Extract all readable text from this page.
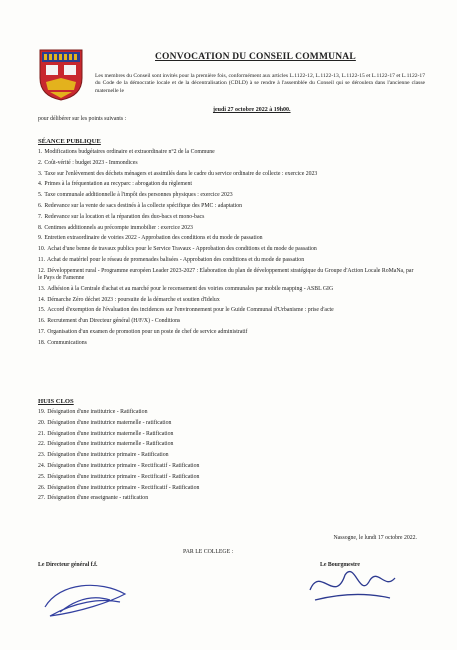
CONVOCATION DU CONSEIL COMMUNAL
Les membres du Conseil sont invités pour la première fois, conformément aux articles L.1122-12, L.1122-13, L.1122-15 et L.1122-17 et L.1122-17 du Code de la démocratie locale et de la décentralisation (CDLD) à se rendre à l'assemblée du Conseil qui se déroulera dans l'ancienne classe maternelle le
jeudi 27 octobre 2022 à 19h00.
pour délibérer sur les points suivants :
SÉANCE PUBLIQUE
1. Modifications budgétaires ordinaire et extraordinaire n°2 de la Commune
2. Coût-vérité : budget 2023 - Immondices
3. Taxe sur l'enlèvement des déchets ménagers et assimilés dans le cadre du service ordinaire de collecte : exercice 2023
4. Primes à la fréquentation au recyparc : abrogation du règlement
5. Taxe communale additionnelle à l'impôt des personnes physiques : exercice 2023
6. Redevance sur la vente de sacs destinés à la collecte spécifique des PMC : adaptation
7. Redevance sur la location et la réparation des duo-bacs et mono-bacs
8. Centimes additionnels au précompte immobilier : exercice 2023
9. Entretien extraordinaire de voiries 2022 - Approbation des conditions et du mode de passation
10. Achat d'une benne de travaux publics pour le Service Travaux - Approbation des conditions et du mode de passation
11. Achat de matériel pour le réseau de promenades balisées - Approbation des conditions et du mode de passation
12. Développement rural - Programme européen Leader 2023-2027 : Elaboration du plan de développement stratégique du Groupe d'Action Locale RoMaNa, par le Pays de Famenne
13. Adhésion à la Centrale d'achat et au marché pour le recensement des voiries communales par mobile mapping - ASBL GIG
14. Démarche Zéro déchet 2023 : poursuite de la démarche et soutien d'Idelux
15. Accord d'exemption de l'évaluation des incidences sur l'environnement pour le Guide Communal d'Urbanisme : prise d'acte
16. Recrutement d'un Directeur général (H/F/X) - Conditions
17. Organisation d'un examen de promotion pour un poste de chef de service administratif
18. Communications
HUIS CLOS
19. Désignation d'une institutrice - Ratification
20. Désignation d'une institutrice maternelle - ratification
21. Désignation d'une institutrice maternelle - Ratification
22. Désignation d'une institutrice maternelle - Ratification
23. Désignation d'une institutrice primaire - Ratification
24. Désignation d'une institutrice primaire - Rectificatif - Ratification
25. Désignation d'une institutrice primaire - Rectificatif - Ratification
26. Désignation d'une institutrice primaire - Rectificatif - Ratification
27. Désignation d'une enseignante - ratification
Nassogne, le lundi 17 octobre 2022.
PAR LE COLLEGE :
Le Directeur général f.f.	Le Bourgmestre
